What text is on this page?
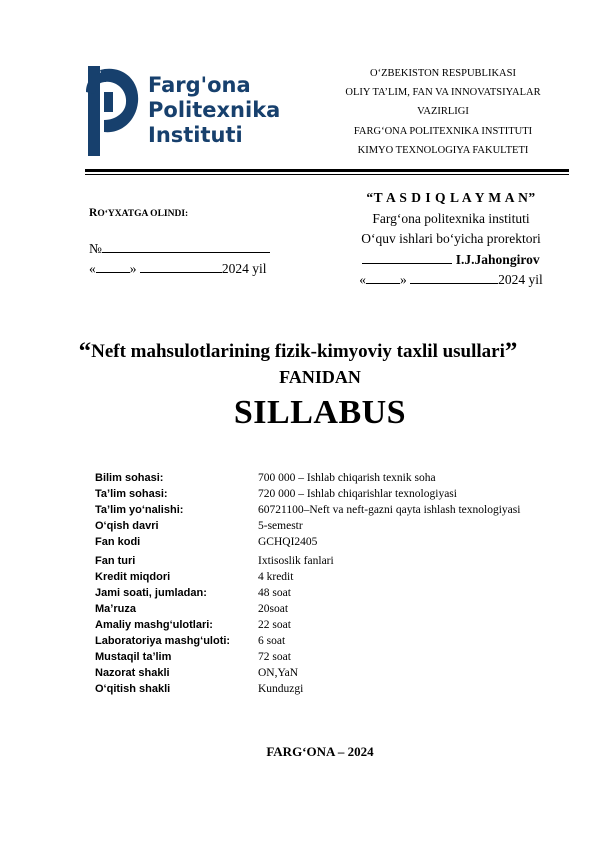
Farg'ona
Politexnika
Instituti
O‘ZBEKISTON RESPUBLIKASI
OLIY TA’LIM, FAN VA INNOVATSIYALAR
VAZIRLIGI
FARG‘ONA POLITEXNIKA INSTITUTI
KIMYO TEXNOLOGIYA FAKULTETI
RO‘YXATGA OLINDI:
№
«	»	2024 yil
“T A S D I Q L A Y M A N”
Farg‘ona politexnika instituti
O‘quv ishlari bo‘yicha prorektori
I.J.Jahongirov
«	»	2024 yil
“Neft mahsulotlarining fizik-kimyoviy taxlil usullari”
FANIDAN
SILLABUS
Bilim sohasi:	700 000 – Ishlab chiqarish texnik soha
Ta’lim sohasi:	720 000 – Ishlab chiqarishlar texnologiyasi
Ta’lim yo‘nalishi:	60721100–Neft va neft-gazni qayta ishlash texnologiyasi
O‘qish davri	5-semestr
Fan kodi	GCHQI2405
Fan turi	Ixtisoslik fanlari
Kredit miqdori	4 kredit
Jami soati, jumladan:	48 soat
Ma’ruza	20soat
Amaliy mashg‘ulotlari:	22 soat
Laboratoriya mashg‘uloti: 6 soat
Mustaqil ta’lim	72 soat
Nazorat shakli	ON,YaN
O‘qitish shakli	Kunduzgi
FARG‘ONA – 2024
